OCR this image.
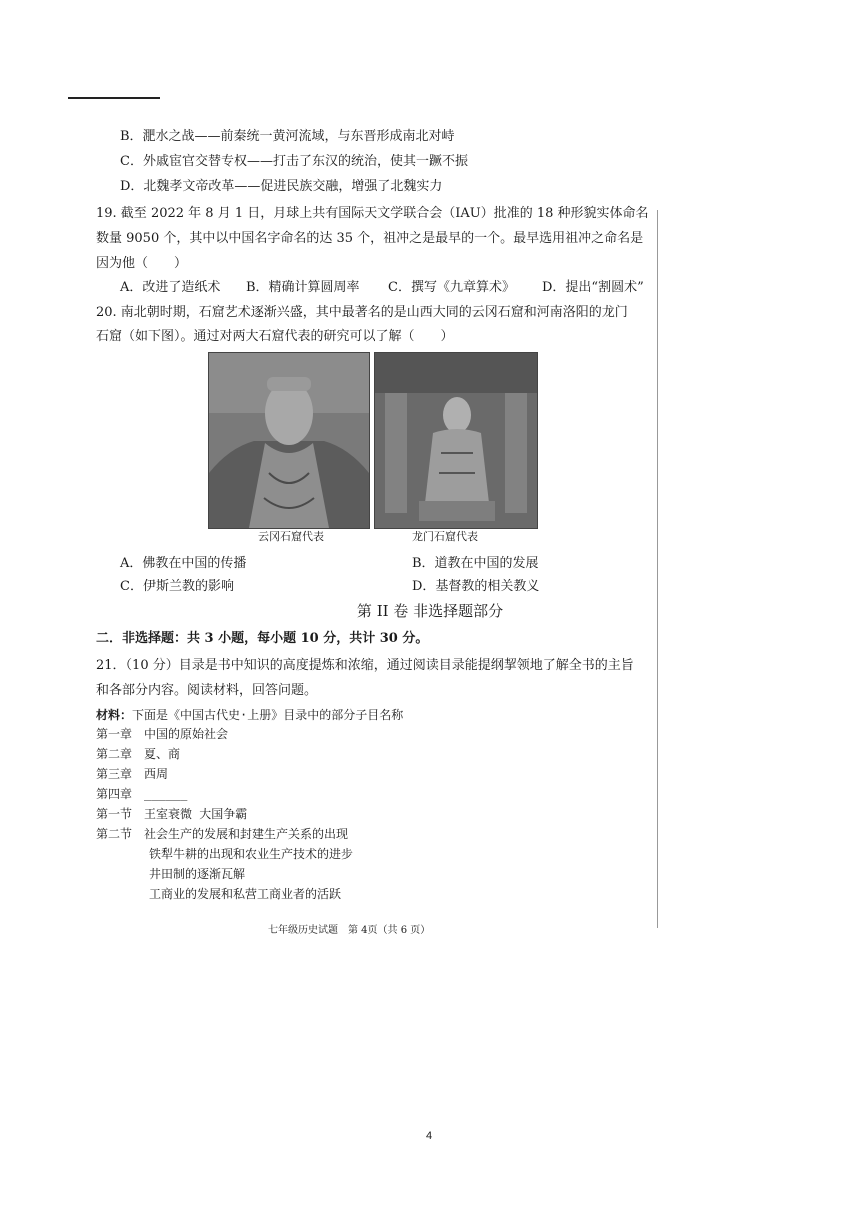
B．淝水之战——前秦统一黄河流域，与东晋形成南北对峙
C．外戚宦官交替专权——打击了东汉的统治，使其一蹶不振
D．北魏孝文帝改革——促进民族交融，增强了北魏实力
19. 截至 2022 年 8 月 1 日，月球上共有国际天文学联合会（IAU）批准的 18 种形貌实体命名
数量 9050 个，其中以中国名字命名的达 35 个，祖冲之是最早的一个。最早选用祖冲之命名是
因为他（　　）
A．改进了造纸术 B．精确计算圆周率 C．撰写《九章算术》 D．提出“割圆术”
20. 南北朝时期，石窟艺术逐渐兴盛，其中最著名的是山西大同的云冈石窟和河南洛阳的龙门
石窟（如下图）。通过对两大石窟代表的研究可以了解（　　）
云冈石窟代表	龙门石窟代表
A．佛教在中国的传播	B．道教在中国的发展
C．伊斯兰教的影响	D．基督教的相关教义
第 II 卷 非选择题部分
二．非选择题：共 3 小题，每小题 10 分，共计 30 分。
21．（10 分）目录是书中知识的高度提炼和浓缩，通过阅读目录能提纲挈领地了解全书的主旨
和各部分内容。阅读材料，回答问题。
材料：下面是《中国古代史·上册》目录中的部分子目名称
第一章 中国的原始社会
第二章 夏、商
第三章 西周
第四章 ______
第一节 王室衰微 大国争霸
第二节 社会生产的发展和封建生产关系的出现
铁犁牛耕的出现和农业生产技术的进步
井田制的逐渐瓦解
工商业的发展和私营工商业者的活跃
七年级历史试题　第 4页（共 6 页）
4
